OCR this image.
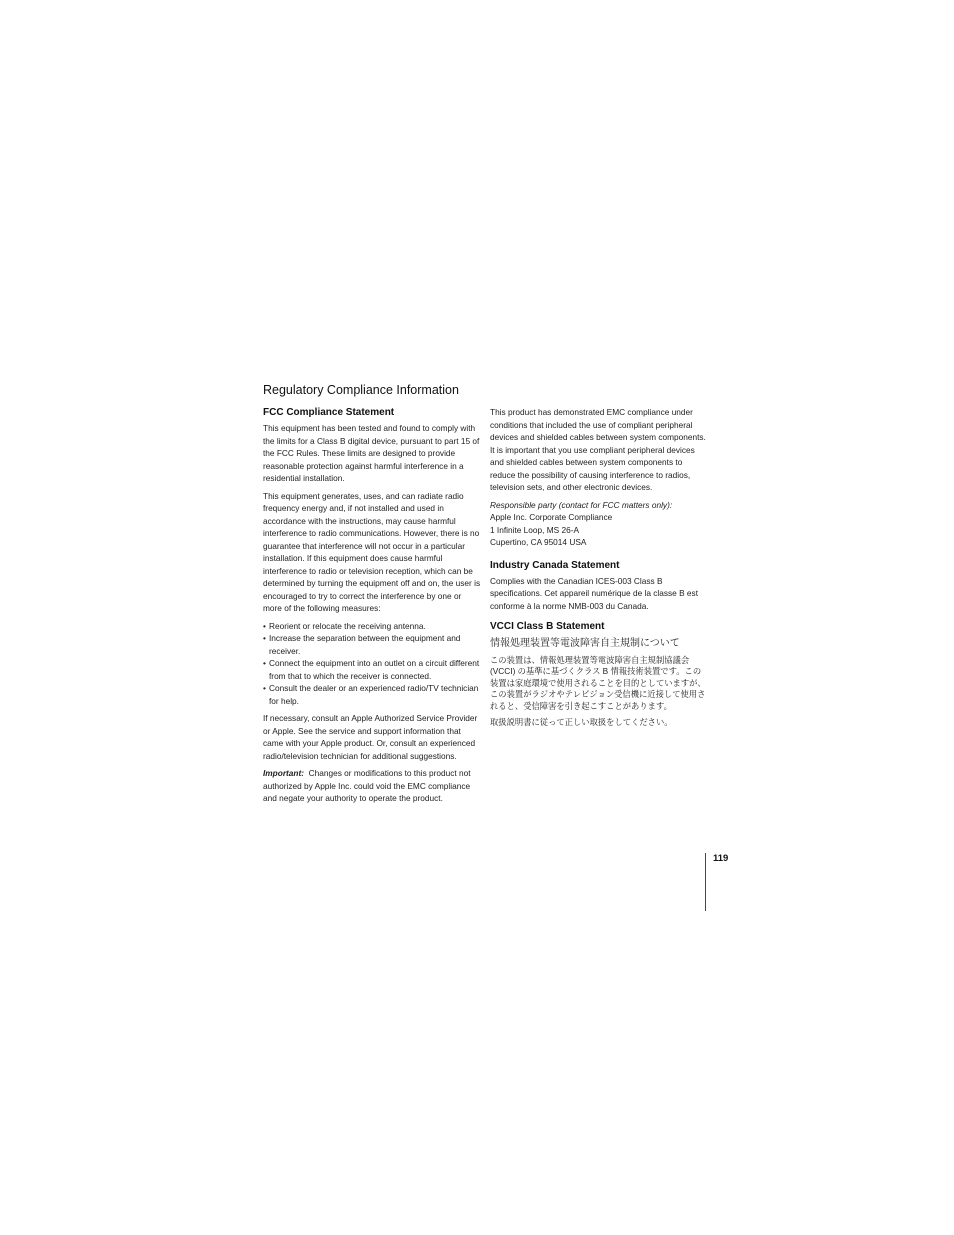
Regulatory Compliance Information
FCC Compliance Statement

This equipment has been tested and found to comply with the limits for a Class B digital device, pursuant to part 15 of the FCC Rules. These limits are designed to provide reasonable protection against harmful interference in a residential installation.

This equipment generates, uses, and can radiate radio frequency energy and, if not installed and used in accordance with the instructions, may cause harmful interference to radio communications. However, there is no guarantee that interference will not occur in a particular installation. If this equipment does cause harmful interference to radio or television reception, which can be determined by turning the equipment off and on, the user is encouraged to try to correct the interference by one or more of the following measures:

• Reorient or relocate the receiving antenna.
• Increase the separation between the equipment and receiver.
• Connect the equipment into an outlet on a circuit different from that to which the receiver is connected.
• Consult the dealer or an experienced radio/TV technician for help.

If necessary, consult an Apple Authorized Service Provider or Apple. See the service and support information that came with your Apple product. Or, consult an experienced radio/television technician for additional suggestions.

Important: Changes or modifications to this product not authorized by Apple Inc. could void the EMC compliance and negate your authority to operate the product.

This product has demonstrated EMC compliance under conditions that included the use of compliant peripheral devices and shielded cables between system components. It is important that you use compliant peripheral devices and shielded cables between system components to reduce the possibility of causing interference to radios, television sets, and other electronic devices.

Responsible party (contact for FCC matters only):

Apple Inc. Corporate Compliance
1 Infinite Loop, MS 26-A
Cupertino, CA 95014 USA
Industry Canada Statement

Complies with the Canadian ICES-003 Class B specifications. Cet appareil numérique de la classe B est conforme à la norme NMB-003 du Canada.

VCCI Class B Statement

情報処理装置等電波障害自主規制について

この装置は、情報処理装置等電波障害自主規制協議会 (VCCI) の基準に基づくクラス B 情報技術装置です。この装置は家庭環境で使用されることを目的としていますが、この装置がラジオやテレビジョン受信機に近接して使用されると、受信障害を引き起こすことがあります。

取扱説明書に従って正しい取扱をしてください。

119
